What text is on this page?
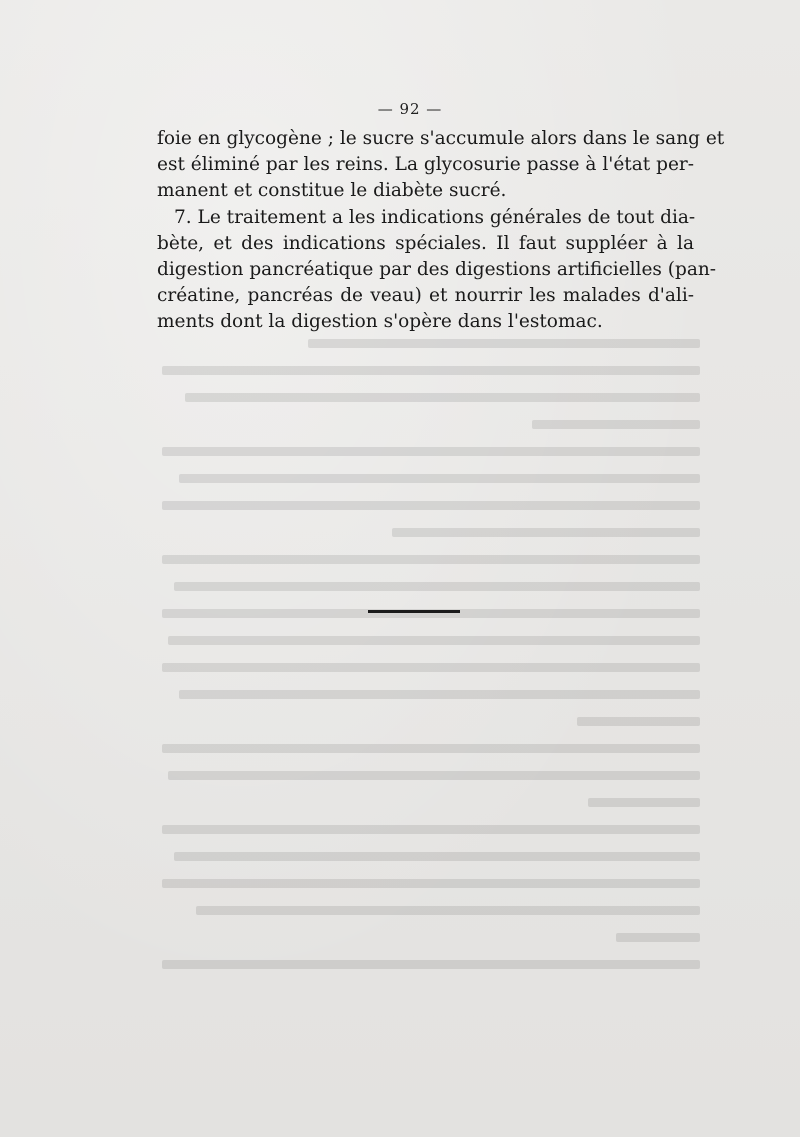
— 92 —
foie en glycogène ; le sucre s'accumule alors dans le sang et
est éliminé par les reins. La glycosurie passe à l'état per-
manent et constitue le diabète sucré.
7. Le traitement a les indications générales de tout dia-
bète, et des indications spéciales. Il faut suppléer à la
digestion pancréatique par des digestions artificielles (pan-
créatine, pancréas de veau) et nourrir les malades d'ali-
ments dont la digestion s'opère dans l'estomac.
